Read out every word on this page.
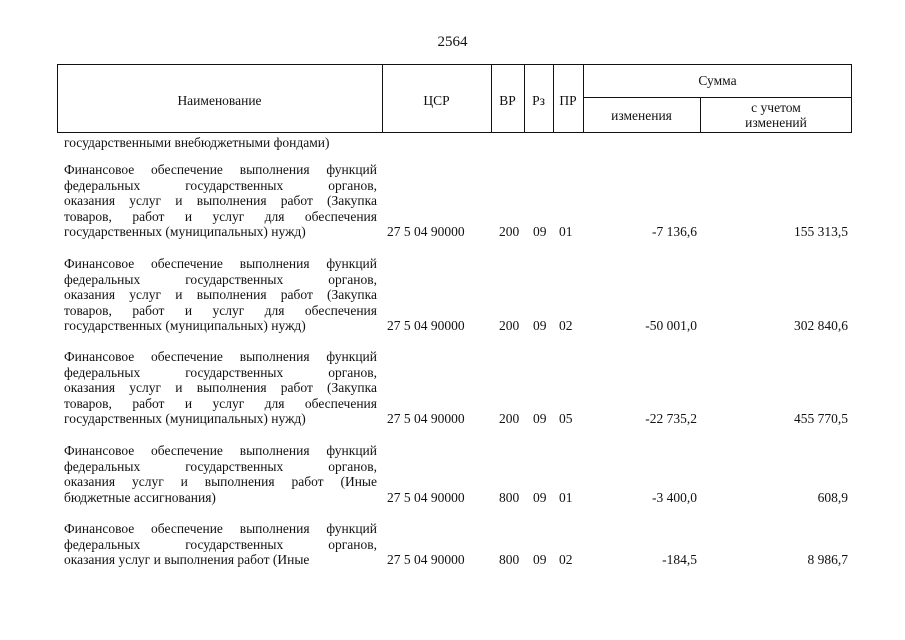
2564
Наименование	ЦСР	ВР	Рз	ПР
Сумма
изменения
с учетом
изменений
государственными внебюджетными фондами)
Финансовое обеспечение выполнения функций
федеральных государственных органов,
оказания услуг и выполнения работ (Закупка
товаров, работ и услуг для обеспечения
государственных (муниципальных) нужд)	27 5 04 90000	200 09 01	-7 136,6	155 313,5
Финансовое обеспечение выполнения функций
федеральных государственных органов,
оказания услуг и выполнения работ (Закупка
товаров, работ и услуг для обеспечения
государственных (муниципальных) нужд)	27 5 04 90000	200 09 02	-50 001,0	302 840,6
Финансовое обеспечение выполнения функций
федеральных государственных органов,
оказания услуг и выполнения работ (Закупка
товаров, работ и услуг для обеспечения
государственных (муниципальных) нужд)	27 5 04 90000	200 09 05	-22 735,2	455 770,5
Финансовое обеспечение выполнения функций
федеральных государственных органов,
оказания услуг и выполнения работ (Иные
бюджетные ассигнования)	27 5 04 90000	800 09 01	-3 400,0	608,9
Финансовое обеспечение выполнения функций
федеральных государственных органов,
оказания услуг и выполнения работ (Иные	27 5 04 90000	800 09 02	-184,5	8 986,7
